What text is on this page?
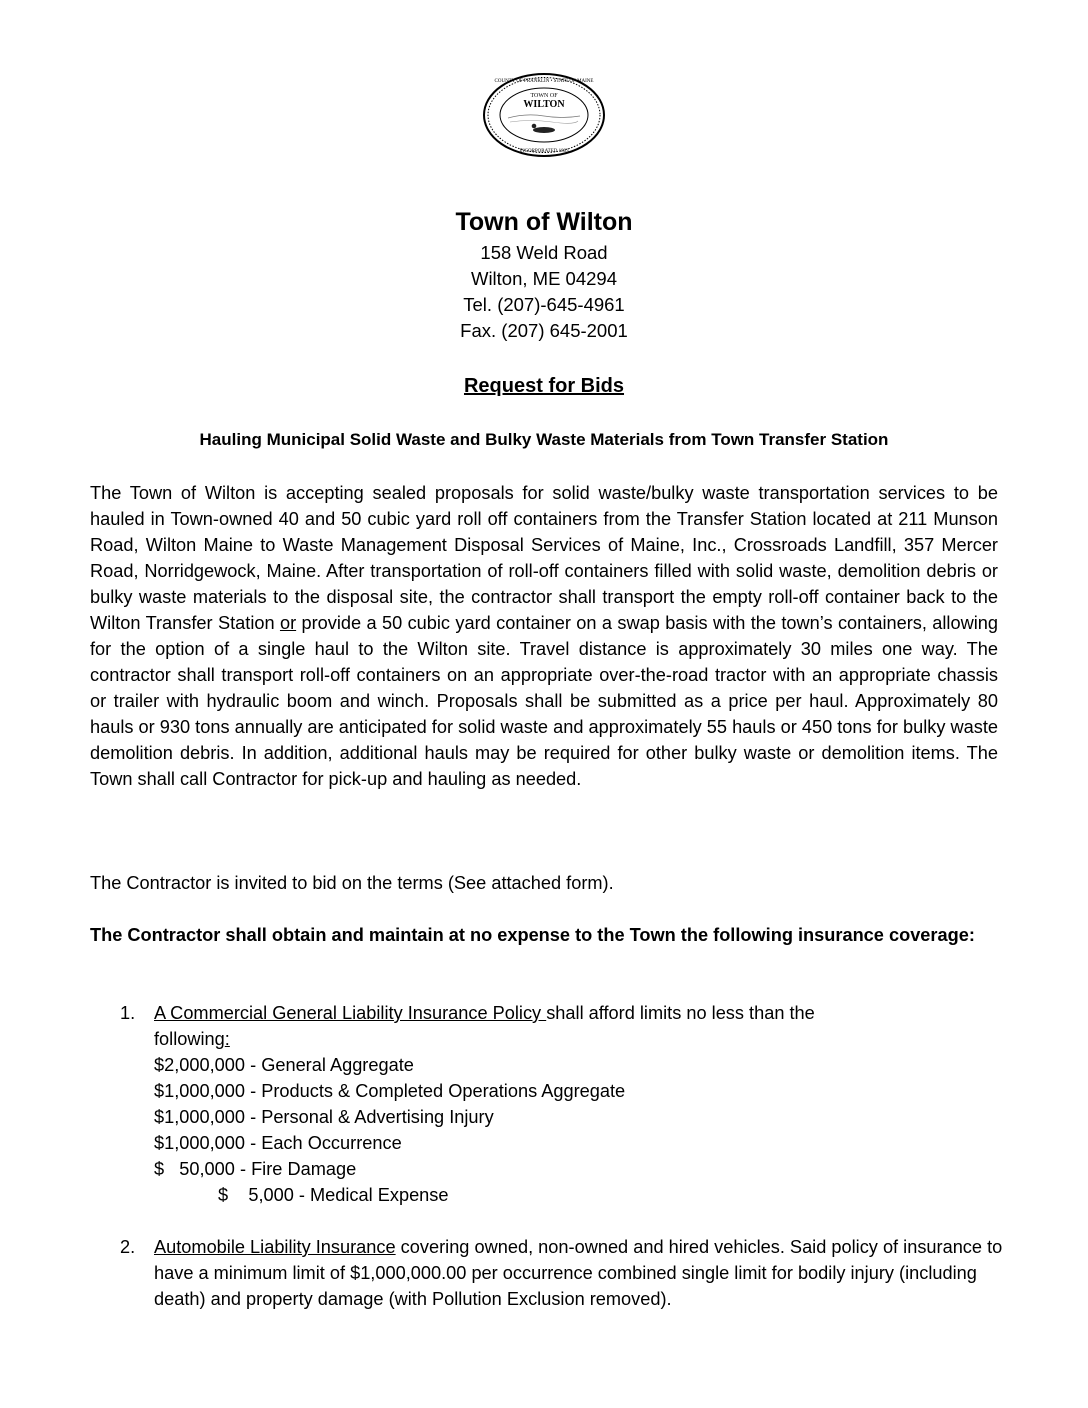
TOWN OF
WILTON
COUNTY OF FRANKLIN • STATE OF MAINE
INCORPORATED 1803
Town of Wilton
158 Weld Road
Wilton, ME 04294
Tel. (207)-645-4961
Fax. (207) 645-2001
Request for Bids
Hauling Municipal Solid Waste and Bulky Waste Materials from Town Transfer Station
The Town of Wilton is accepting sealed proposals for solid waste/bulky waste transportation services to be hauled in Town-owned 40 and 50 cubic yard roll off containers from the Transfer Station located at 211 Munson Road, Wilton Maine to Waste Management Disposal Services of Maine, Inc., Crossroads Landfill, 357 Mercer Road, Norridgewock, Maine. After transportation of roll-off containers filled with solid waste, demolition debris or bulky waste materials to the disposal site, the contractor shall transport the empty roll-off container back to the Wilton Transfer Station or provide a 50 cubic yard container on a swap basis with the town’s containers, allowing for the option of a single haul to the Wilton site. Travel distance is approximately 30 miles one way. The contractor shall transport roll-off containers on an appropriate over-the-road tractor with an appropriate chassis or trailer with hydraulic boom and winch. Proposals shall be submitted as a price per haul. Approximately 80 hauls or 930 tons annually are anticipated for solid waste and approximately 55 hauls or 450 tons for bulky waste demolition debris. In addition, additional hauls may be required for other bulky waste or demolition items. The Town shall call Contractor for pick-up and hauling as needed.
The Contractor is invited to bid on the terms (See attached form).
The Contractor shall obtain and maintain at no expense to the Town the following insurance coverage:
1. A Commercial General Liability Insurance Policy shall afford limits no less than the
following:
$2,000,000 - General Aggregate
$1,000,000 - Products & Completed Operations Aggregate
$1,000,000 - Personal & Advertising Injury
$1,000,000 - Each Occurrence
$   50,000 - Fire Damage
$    5,000 - Medical Expense
2. Automobile Liability Insurance covering owned, non-owned and hired vehicles. Said policy of insurance to have a minimum limit of $1,000,000.00 per occurrence combined single limit for bodily injury (including death) and property damage (with Pollution Exclusion removed).
